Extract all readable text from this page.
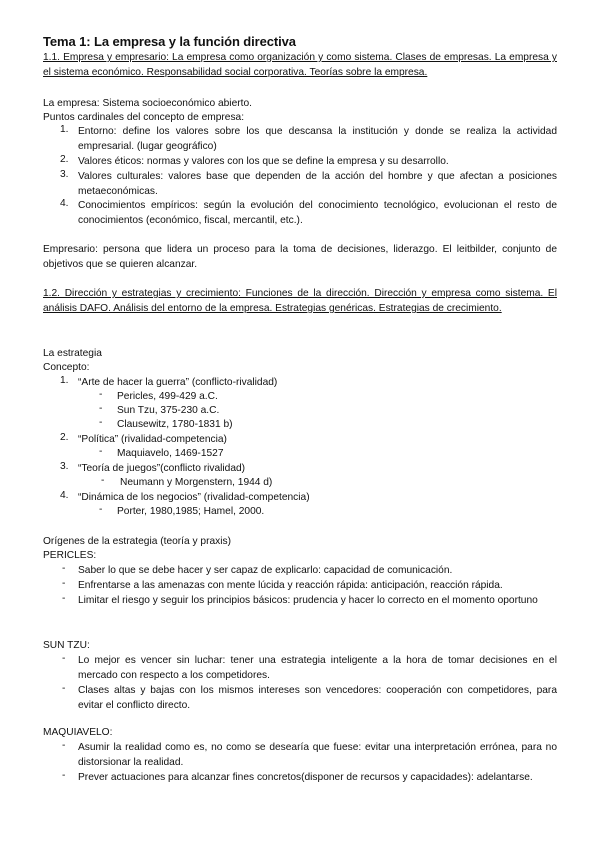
Tema 1: La empresa y la función directiva
1.1. Empresa y empresario: La empresa como organización y como sistema. Clases de empresas. La empresa y el sistema económico. Responsabilidad social corporativa. Teorías sobre la empresa.
La empresa: Sistema socioeconómico abierto.
Puntos cardinales del concepto de empresa:
1. Entorno: define los valores sobre los que descansa la institución y donde se realiza la actividad empresarial. (lugar geográfico)
2. Valores éticos: normas y valores con los que se define la empresa y su desarrollo.
3. Valores culturales: valores base que dependen de la acción del hombre y que afectan a posiciones metaeconómicas.
4. Conocimientos empíricos: según la evolución del conocimiento tecnológico, evolucionan el resto de conocimientos (económico, fiscal, mercantil, etc.).
Empresario: persona que lidera un proceso para la toma de decisiones, liderazgo. El leitbilder, conjunto de objetivos que se quieren alcanzar.
1.2. Dirección y estrategias y crecimiento: Funciones de la dirección. Dirección y empresa como sistema. El análisis DAFO. Análisis del entorno de la empresa. Estrategias genéricas. Estrategias de crecimiento.
La estrategia
Concepto:
1. “Arte de hacer la guerra” (conflicto-rivalidad)
- Pericles, 499-429 a.C.
- Sun Tzu, 375-230 a.C.
- Clausewitz, 1780-1831 b)
2. “Política” (rivalidad-competencia)
- Maquiavelo, 1469-1527
3. “Teoría de juegos”(conflicto rivalidad)
- Neumann y Morgenstern, 1944 d)
4. “Dinámica de los negocios” (rivalidad-competencia)
- Porter, 1980,1985; Hamel, 2000.
Orígenes de la estrategia (teoría y praxis)
PERICLES:
- Saber lo que se debe hacer y ser capaz de explicarlo: capacidad de comunicación.
- Enfrentarse a las amenazas con mente lúcida y reacción rápida: anticipación, reacción rápida.
- Limitar el riesgo y seguir los principios básicos: prudencia y hacer lo correcto en el momento oportuno
SUN TZU:
- Lo mejor es vencer sin luchar: tener una estrategia inteligente a la hora de tomar decisiones en el mercado con respecto a los competidores.
- Clases altas y bajas con los mismos intereses son vencedores: cooperación con competidores, para evitar el conflicto directo.
MAQUIAVELO:
- Asumir la realidad como es, no como se desearía que fuese: evitar una interpretación errónea, para no distorsionar la realidad.
- Prever actuaciones para alcanzar fines concretos(disponer de recursos y capacidades): adelantarse.
